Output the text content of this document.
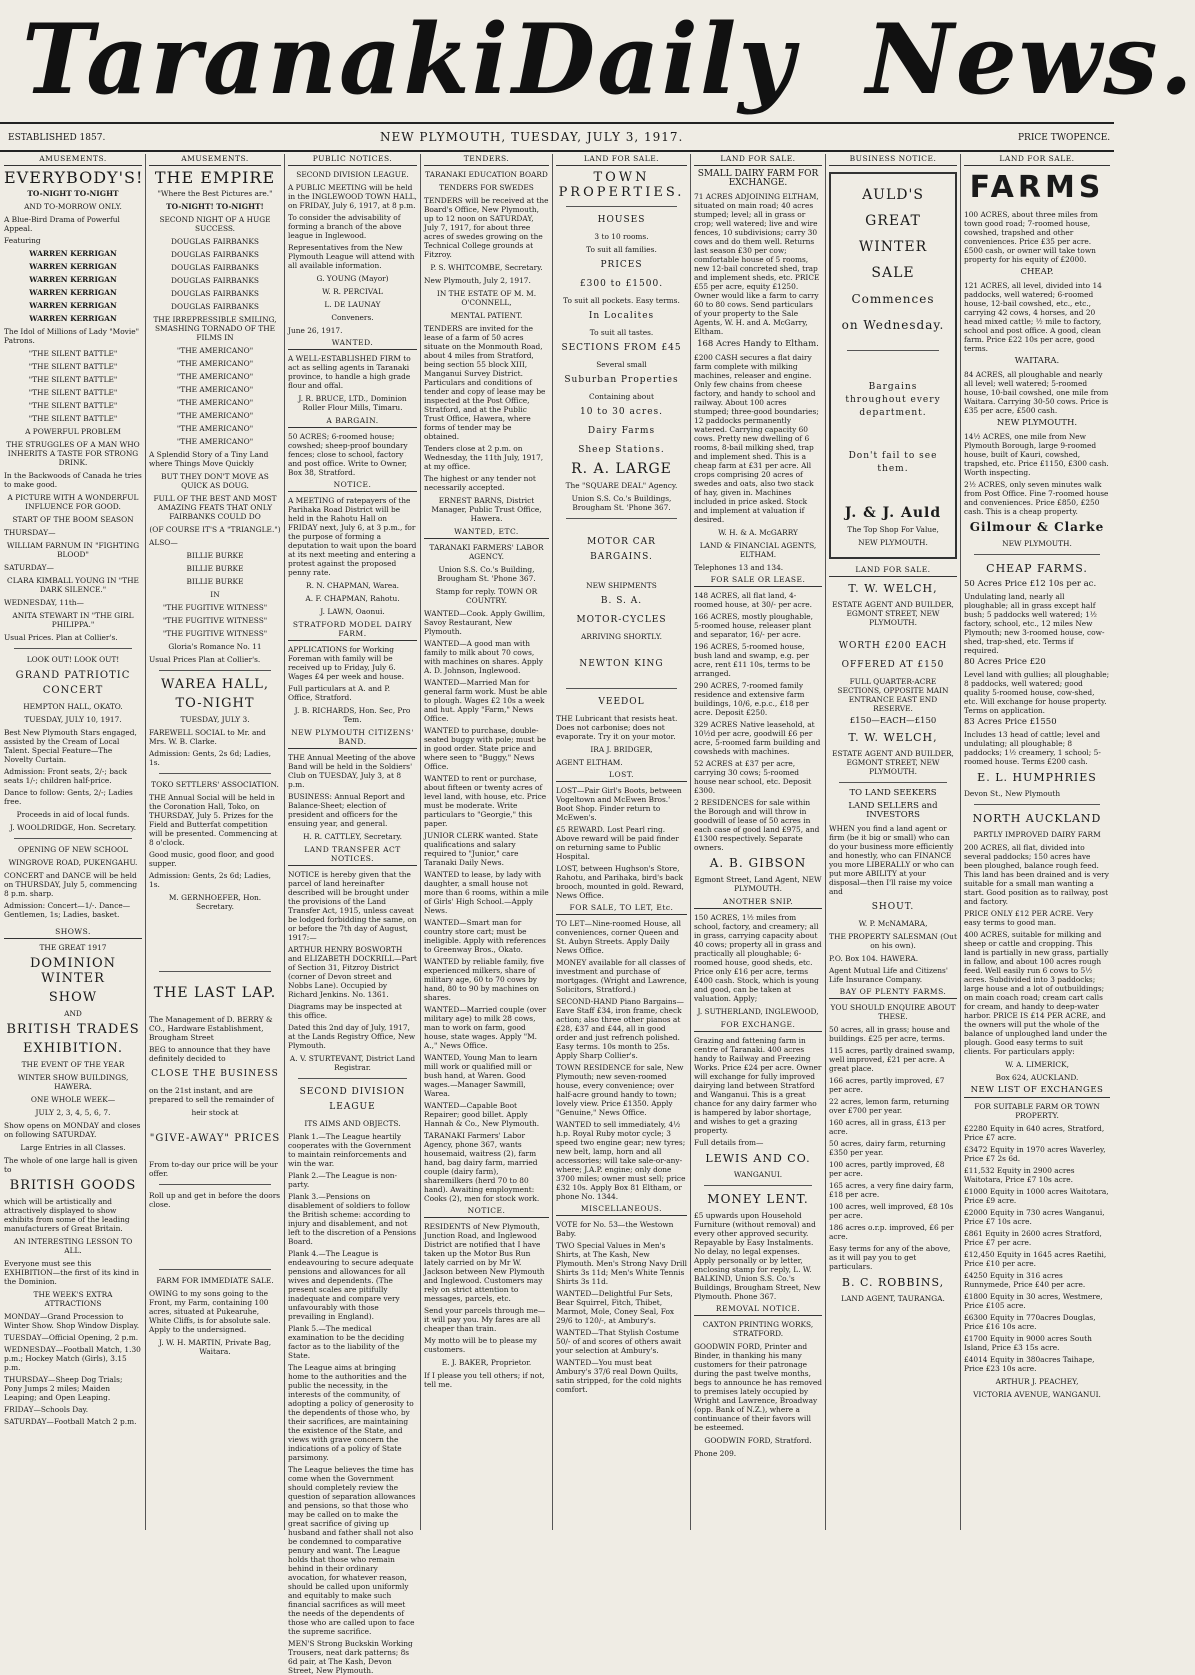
Taranaki Daily News.
ESTABLISHED 1857.	NEW PLYMOUTH, TUESDAY, JULY 3, 1917.	PRICE TWOPENCE.
AMUSEMENTS.
EVERYBODY'S!
TO-NIGHT TO-NIGHT
AND TO-MORROW ONLY.
A Blue-Bird Drama of Powerful Appeal.
Featuring
WARREN KERRIGAN
WARREN KERRIGAN
WARREN KERRIGAN
WARREN KERRIGAN
WARREN KERRIGAN
WARREN KERRIGAN
The Idol of Millions of Lady "Movie" Patrons.
"THE SILENT BATTLE"
"THE SILENT BATTLE"
"THE SILENT BATTLE"
"THE SILENT BATTLE"
"THE SILENT BATTLE"
"THE SILENT BATTLE"
A POWERFUL PROBLEM
THE STRUGGLES OF A MAN WHO INHERITS A TASTE FOR STRONG DRINK.
In the Backwoods of Canada he tries to make good.
A PICTURE WITH A WONDERFUL INFLUENCE FOR GOOD.
START OF THE BOOM SEASON
THURSDAY—
WILLIAM FARNUM IN "FIGHTING BLOOD"
SATURDAY—
CLARA KIMBALL YOUNG IN "THE DARK SILENCE."
WEDNESDAY, 11th—
ANITA STEWART IN "THE GIRL PHILIPPA."
Usual Prices. Plan at Collier's.
LOOK OUT! LOOK OUT!
GRAND PATRIOTIC CONCERT
HEMPTON HALL, OKATO.
TUESDAY, JULY 10, 1917.
Best New Plymouth Stars engaged, assisted by the Cream of Local Talent. Special Feature—The Novelty Curtain.
Admission: Front seats, 2/-; back seats 1/-; children half-price.
Dance to follow: Gents, 2/-; Ladies free.
Proceeds in aid of local funds.
J. WOOLDRIDGE, Hon. Secretary.
OPENING OF NEW SCHOOL
WINGROVE ROAD, PUKENGAHU.
CONCERT and DANCE will be held on THURSDAY, July 5, commencing 8 p.m. sharp.
Admission: Concert—1/-. Dance—Gentlemen, 1s; Ladies, basket.
SHOWS.
THE GREAT 1917
DOMINION WINTER
SHOW
AND
BRITISH TRADES
EXHIBITION.
THE EVENT OF THE YEAR
WINTER SHOW BUILDINGS, HAWERA.
ONE WHOLE WEEK—
JULY 2, 3, 4, 5, 6, 7.
Show opens on MONDAY and closes on following SATURDAY.
Large Entries in all Classes.
The whole of one large hall is given to
BRITISH GOODS
which will be artistically and attractively displayed to show exhibits from some of the leading manufacturers of Great Britain.
AN INTERESTING LESSON TO ALL.
Everyone must see this EXHIBITION—the first of its kind in the Dominion.
THE WEEK'S EXTRA ATTRACTIONS
MONDAY—Grand Procession to Winter Show. Shop Window Display.
TUESDAY—Official Opening, 2 p.m.
WEDNESDAY—Football Match, 1.30 p.m.; Hockey Match (Girls), 3.15 p.m.
THURSDAY—Sheep Dog Trials; Pony Jumps 2 miles; Maiden Leaping; and Open Leaping.
FRIDAY—Schools Day.
SATURDAY—Football Match 2 p.m.
AMUSEMENTS.
THE EMPIRE
"Where the Best Pictures are."
TO-NIGHT! TO-NIGHT!
SECOND NIGHT OF A HUGE SUCCESS.
DOUGLAS FAIRBANKS
DOUGLAS FAIRBANKS
DOUGLAS FAIRBANKS
DOUGLAS FAIRBANKS
DOUGLAS FAIRBANKS
DOUGLAS FAIRBANKS
THE IRREPRESSIBLE SMILING, SMASHING TORNADO OF THE FILMS IN
"THE AMERICANO"
"THE AMERICANO"
"THE AMERICANO"
"THE AMERICANO"
"THE AMERICANO"
"THE AMERICANO"
"THE AMERICANO"
"THE AMERICANO"
A Splendid Story of a Tiny Land where Things Move Quickly
BUT THEY DON'T MOVE AS QUICK AS DOUG.
FULL OF THE BEST AND MOST AMAZING FEATS THAT ONLY FAIRBANKS COULD DO
(OF COURSE IT'S A "TRIANGLE.")
ALSO—
BILLIE BURKE
BILLIE BURKE
BILLIE BURKE
IN
"THE FUGITIVE WITNESS"
"THE FUGITIVE WITNESS"
"THE FUGITIVE WITNESS"
Gloria's Romance No. 11
Usual Prices Plan at Collier's.
WAREA HALL,
TO-NIGHT
TUESDAY, JULY 3.
FAREWELL SOCIAL to Mr. and Mrs. W. B. Clarke.
Admission: Gents, 2s 6d; Ladies, 1s.
TOKO SETTLERS' ASSOCIATION.
THE Annual Social will be held in the Coronation Hall, Toko, on THURSDAY, July 5. Prizes for the Field and Butterfat competition will be presented. Commencing at 8 o'clock.
Good music, good floor, and good supper.
Admission: Gents, 2s 6d; Ladies, 1s.
M. GERNHOEFER, Hon. Secretary.
THE LAST LAP.
The Management of D. BERRY & CO., Hardware Establishment, Brougham Street
BEG to announce that they have definitely decided to
CLOSE THE BUSINESS
on the 21st instant, and are prepared to sell the remainder of
heir stock at
"GIVE-AWAY" PRICES
From to-day our price will be your offer.
Roll up and get in before the doors close.
FARM FOR IMMEDIATE SALE.
OWING to my sons going to the Front, my Farm, containing 100 acres, situated at Pukearuhe, White Cliffs, is for absolute sale. Apply to the undersigned.
J. W. H. MARTIN, Private Bag, Waitara.
PUBLIC NOTICES.
SECOND DIVISION LEAGUE.
A PUBLIC MEETING will be held in the INGLEWOOD TOWN HALL, on FRIDAY, July 6, 1917, at 8 p.m.
To consider the advisability of forming a branch of the above league in Inglewood.
Representatives from the New Plymouth League will attend with all available information.
G. YOUNG (Mayor)
W. R. PERCIVAL
L. DE LAUNAY
Conveners.
June 26, 1917.
WANTED.
A WELL-ESTABLISHED FIRM to act as selling agents in Taranaki province, to handle a high grade flour and offal.
J. R. BRUCE, LTD., Dominion Roller Flour Mills, Timaru.
A BARGAIN.
50 ACRES; 6-roomed house; cowshed; sheep-proof boundary fences; close to school, factory and post office. Write to Owner, Box 38, Stratford.
NOTICE.
A MEETING of ratepayers of the Parihaka Road District will be held in the Rahotu Hall on FRIDAY next, July 6, at 3 p.m., for the purpose of forming a deputation to wait upon the board at its next meeting and entering a protest against the proposed penny rate.
R. N. CHAPMAN, Warea.
A. F. CHAPMAN, Rahotu.
J. LAWN, Oaonui.
STRATFORD MODEL DAIRY FARM.
APPLICATIONS for Working Foreman with family will be received up to Friday, July 6. Wages £4 per week and house.
Full particulars at A. and P. Office, Stratford.
J. B. RICHARDS, Hon. Sec, Pro Tem.
NEW PLYMOUTH CITIZENS' BAND.
THE Annual Meeting of the above Band will be held in the Soldiers' Club on TUESDAY, July 3, at 8 p.m.
BUSINESS: Annual Report and Balance-Sheet; election of president and officers for the ensuing year, and general.
H. R. CATTLEY, Secretary.
LAND TRANSFER ACT NOTICES.
NOTICE is hereby given that the parcel of land hereinafter described will be brought under the provisions of the Land Transfer Act, 1915, unless caveat be lodged forbidding the same, on or before the 7th day of August, 1917:—
ARTHUR HENRY BOSWORTH and ELIZABETH DOCKRILL—Part of Section 31, Fitzroy District (corner of Devon street and Nobbs Lane). Occupied by Richard Jenkins. No. 1361.
Diagrams may be inspected at this office.
Dated this 2nd day of July, 1917, at the Lands Registry Office, New Plymouth.
A. V. STURTEVANT, District Land Registrar.
SECOND DIVISION LEAGUE
ITS AIMS AND OBJECTS.
Plank 1.—The League heartily cooperates with the Government to maintain reinforcements and win the war.
Plank 2.—The League is non-party.
Plank 3.—Pensions on disablement of soldiers to follow the British scheme: according to injury and disablement, and not left to the discretion of a Pensions Board.
Plank 4.—The League is endeavouring to secure adequate pensions and allowances for all wives and dependents. (The present scales are pitifully inadequate and compare very unfavourably with those prevailing in England).
Plank 5.—The medical examination to be the deciding factor as to the liability of the State.
The League aims at bringing home to the authorities and the public the necessity, in the interests of the community, of adopting a policy of generosity to the dependents of those who, by their sacrifices, are maintaining the existence of the State, and views with grave concern the indications of a policy of State parsimony.
The League believes the time has come when the Government should completely review the question of separation allowances and pensions, so that those who may be called on to make the great sacrifice of giving up husband and father shall not also be condemned to comparative penury and want. The League holds that those who remain behind in their ordinary avocation, for whatever reason, should be called upon uniformly and equitably to make such financial sacrifices as will meet the needs of the dependents of those who are called upon to face the supreme sacrifice.
MEN'S Strong Buckskin Working Trousers, neat dark patterns; 8s 6d pair, at The Kash, Devon Street, New Plymouth.
TENDERS.
TARANAKI EDUCATION BOARD
TENDERS FOR SWEDES
TENDERS will be received at the Board's Office, New Plymouth, up to 12 noon on SATURDAY, July 7, 1917, for about three acres of swedes growing on the Technical College grounds at Fitzroy.
P. S. WHITCOMBE, Secretary.
New Plymouth, July 2, 1917.
IN THE ESTATE OF M. M. O'CONNELL,
MENTAL PATIENT.
TENDERS are invited for the lease of a farm of 50 acres situate on the Monmouth Road, about 4 miles from Stratford, being section 55 block XIII, Manganui Survey District. Particulars and conditions of tender and copy of lease may be inspected at the Post Office, Stratford, and at the Public Trust Office, Hawera, where forms of tender may be obtained.
Tenders close at 2 p.m. on Wednesday, the 11th July, 1917, at my office.
The highest or any tender not necessarily accepted.
ERNEST BARNS, District Manager, Public Trust Office, Hawera.
WANTED, ETC.
TARANAKI FARMERS' LABOR AGENCY.
Union S.S. Co.'s Building, Brougham St. 'Phone 367.
Stamp for reply. TOWN OR COUNTRY.
WANTED—Cook. Apply Gwillim, Savoy Restaurant, New Plymouth.
WANTED—A good man with family to milk about 70 cows, with machines on shares. Apply A. D. Johnson, Inglewood.
WANTED—Married Man for general farm work. Must be able to plough. Wages £2 10s a week and hut. Apply "Farm," News Office.
WANTED to purchase, double-seated buggy with pole; must be in good order. State price and where seen to "Buggy," News Office.
WANTED to rent or purchase, about fifteen or twenty acres of level land, with house, etc. Price must be moderate. Write particulars to "Georgie," this paper.
JUNIOR CLERK wanted. State qualifications and salary required to "Junior," care Taranaki Daily News.
WANTED to lease, by lady with daughter, a small house not more than 6 rooms, within a mile of Girls' High School.—Apply News.
WANTED—Smart man for country store cart; must be ineligible. Apply with references to Greenway Bros., Okato.
WANTED by reliable family, five experienced milkers, share of military age, 60 to 70 cows by hand, 80 to 90 by machines on shares.
WANTED—Married couple (over military age) to milk 28 cows, man to work on farm, good house, state wages. Apply "M. A.," News Office.
WANTED, Young Man to learn mill work or qualified mill or bush hand, at Waren. Good wages.—Manager Sawmill, Warea.
WANTED—Capable Boot Repairer; good billet. Apply Hannah & Co., New Plymouth.
TARANAKI Farmers' Labor Agency, phone 367, wants housemaid, waitress (2), farm hand, bag dairy farm, married couple (dairy farm), sharemilkers (herd 70 to 80 hand). Awaiting employment: Cooks (2), men for stock work.
NOTICE.
RESIDENTS of New Plymouth, Junction Road, and Inglewood District are notified that I have taken up the Motor Bus Run lately carried on by Mr W. Jackson between New Plymouth and Inglewood. Customers may rely on strict attention to messages, parcels, etc.
Send your parcels through me—it will pay you. My fares are all cheaper than train.
My motto will be to please my customers.
E. J. BAKER, Proprietor.
If I please you tell others; if not, tell me.
LAND FOR SALE.
TOWN PROPERTIES.
HOUSES
3 to 10 rooms.
To suit all families.
PRICES
£300 to £1500.
To suit all pockets. Easy terms.
In Localites
To suit all tastes.
SECTIONS FROM £45
Several small
Suburban Properties
Containing about
10 to 30 acres.
Dairy Farms
Sheep Stations.
R. A. LARGE
The "SQUARE DEAL" Agency.
Union S.S. Co.'s Buildings, Brougham St. 'Phone 367.
MOTOR CAR BARGAINS.
NEW SHIPMENTS
B. S. A.
MOTOR-CYCLES
ARRIVING SHORTLY.
NEWTON KING
VEEDOL
THE Lubricant that resists heat. Does not carbonise; does not evaporate. Try it on your motor.
IRA J. BRIDGER,
AGENT ELTHAM.
LOST.
LOST—Pair Girl's Boots, between Vogeltown and McEwen Bros.' Boot Shop. Finder return to McEwen's.
£5 REWARD. Lost Pearl ring. Above reward will be paid finder on returning same to Public Hospital.
LOST, between Hughson's Store, Rahotu, and Parihaka, bird's back brooch, mounted in gold. Reward, News Office.
FOR SALE, TO LET, Etc.
TO LET—Nine-roomed House, all conveniences, corner Queen and St. Aubyn Streets. Apply Daily News Office.
MONEY available for all classes of investment and purchase of mortgages. (Wright and Lawrence, Solicitors, Stratford.)
SECOND-HAND Piano Bargains—Eave Staff £34, iron frame, check action; also three other pianos at £28, £37 and £44, all in good order and just refrench polished. Easy terms. 10s month to 25s. Apply Sharp Collier's.
TOWN RESIDENCE for sale, New Plymouth; new seven-roomed house, every convenience; over half-acre ground handy to town; lovely view. Price £1350. Apply "Genuine," News Office.
WANTED to sell immediately, 4½ h.p. Royal Ruby motor cycle; 3 speed two engine gear; new tyres; new belt, lamp, horn and all accessories; will take sale-or-any-where; J.A.P. engine; only done 3700 miles; owner must sell; price £32 10s. Apply Box 81 Eltham, or phone No. 1344.
MISCELLANEOUS.
VOTE for No. 53—the Westown Baby.
TWO Special Values in Men's Shirts, at The Kash, New Plymouth. Men's Strong Navy Drill Shirts 3s 11d; Men's White Tennis Shirts 3s 11d.
WANTED—Delightful Fur Sets, Bear Squirrel, Fitch, Thibet, Marmot, Mole, Coney Seal, Fox 29/6 to 120/-, at Ambury's.
WANTED—That Stylish Costume 50/- of and scores of others await your selection at Ambury's.
WANTED—You must beat Ambury's 37/6 real Down Quilts, satin stripped, for the cold nights comfort.
LAND FOR SALE.
SMALL DAIRY FARM FOR EXCHANGE.
71 ACRES ADJOINING ELTHAM, situated on main road; 40 acres stumped; level; all in grass or crop; well watered; live and wire fences, 10 subdivisions; carry 30 cows and do them well. Returns last season £30 per cow; comfortable house of 5 rooms, new 12-bail concreted shed, trap and implement sheds, etc. PRICE £55 per acre, equity £1250. Owner would like a farm to carry 60 to 80 cows. Send particulars of your property to the Sale Agents, W. H. and A. McGarry, Eltham.
168 Acres Handy to Eltham.
£200 CASH secures a flat dairy farm complete with milking machines, releaser and engine. Only few chains from cheese factory, and handy to school and railway. About 100 acres stumped; three-good boundaries; 12 paddocks permanently watered. Carrying capacity 60 cows. Pretty new dwelling of 6 rooms, 8-bail milking shed, trap and implement shed. This is a cheap farm at £31 per acre. All crops comprising 20 acres of swedes and oats, also two stack of hay, given in. Machines included in price asked. Stock and implement at valuation if desired.
W. H. & A. McGARRY
LAND & FINANCIAL AGENTS, ELTHAM.
Telephones 13 and 134.
FOR SALE OR LEASE.
148 ACRES, all flat land, 4-roomed house, at 30/- per acre.
166 ACRES, mostly ploughable, 5-roomed house, releaser plant and separator, 16/- per acre.
196 ACRES, 5-roomed house, bush land and swamp, e.g. per acre, rent £11 10s, terms to be arranged.
290 ACRES, 7-roomed family residence and extensive farm buildings, 10/6, e.p.c., £18 per acre. Deposit £250.
329 ACRES Native leasehold, at 10½d per acre, goodwill £6 per acre, 5-roomed farm building and cowsheds with machines.
52 ACRES at £37 per acre, carrying 30 cows; 5-roomed house near school, etc. Deposit £300.
2 RESIDENCES for sale within the Borough and will throw in goodwill of lease of 50 acres in each case of good land £975, and £1300 respectively. Separate owners.
A. B. GIBSON
Egmont Street, Land Agent, NEW PLYMOUTH.
ANOTHER SNIP.
150 ACRES, 1½ miles from school, factory, and creamery; all in grass, carrying capacity about 40 cows; property all in grass and practically all ploughable; 6-roomed house, good sheds, etc. Price only £16 per acre, terms £400 cash. Stock, which is young and good, can be taken at valuation. Apply;
J. SUTHERLAND, INGLEWOOD,
FOR EXCHANGE.
Grazing and fattening farm in centre of Taranaki. 400 acres handy to Railway and Freezing Works. Price £24 per acre. Owner will exchange for fully improved dairying land between Stratford and Wanganui. This is a great chance for any dairy farmer who is hampered by labor shortage, and wishes to get a grazing property.
Full details from—
LEWIS AND CO.
WANGANUI.
MONEY LENT.
£5 upwards upon Household Furniture (without removal) and every other approved security. Repayable by Easy Instalments. No delay, no legal expenses. Apply personally or by letter, enclosing stamp for reply, L. W. BALKIND, Union S.S. Co.'s Buildings, Brougham Street, New Plymouth. Phone 367.
REMOVAL NOTICE.
CAXTON PRINTING WORKS, STRATFORD.
GOODWIN FORD, Printer and Binder, in thanking his many customers for their patronage during the past twelve months, begs to announce he has removed to premises lately occupied by Wright and Lawrence, Broadway (opp. Bank of N.Z.), where a continuance of their favors will be esteemed.
GOODWIN FORD, Stratford.
Phone 209.
BUSINESS NOTICE.
AULD'S
GREAT
WINTER
SALE
Commences
on Wednesday.
Bargains throughout every department.
Don't fail to see them.
J. & J. Auld
The Top Shop For Value,
NEW PLYMOUTH.
LAND FOR SALE.
T. W. WELCH,
ESTATE AGENT AND BUILDER, EGMONT STREET, NEW PLYMOUTH.
WORTH £200 EACH
OFFERED AT £150
FULL QUARTER-ACRE SECTIONS, OPPOSITE MAIN ENTRANCE EAST END RESERVE.
£150—EACH—£150
T. W. WELCH,
ESTATE AGENT AND BUILDER, EGMONT STREET, NEW PLYMOUTH.
TO LAND SEEKERS
LAND SELLERS and INVESTORS
WHEN you find a land agent or firm (be it big or small) who can do your business more efficiently and honestly, who can FINANCE you more LIBERALLY or who can put more ABILITY at your disposal—then I'll raise my voice and
SHOUT.
W. P. McNAMARA,
THE PROPERTY SALESMAN (Out on his own).
P.O. Box 104. HAWERA.
Agent Mutual Life and Citizens' Life Insurance Company.
BAY OF PLENTY FARMS.
YOU SHOULD ENQUIRE ABOUT THESE.
50 acres, all in grass; house and buildings. £25 per acre, terms.
115 acres, partly drained swamp, well improved, £21 per acre. A great place.
166 acres, partly improved, £7 per acre.
22 acres, lemon farm, returning over £700 per year.
160 acres, all in grass, £13 per acre.
50 acres, dairy farm, returning £350 per year.
100 acres, partly improved, £8 per acre.
165 acres, a very fine dairy farm, £18 per acre.
100 acres, well improved, £8 10s per acre.
186 acres o.r.p. improved, £6 per acre.
Easy terms for any of the above, as it will pay you to get particulars.
B. C. ROBBINS,
LAND AGENT, TAURANGA.
LAND FOR SALE.
FARMS
100 ACRES, about three miles from town good road; 7-roomed house, cowshed, trapshed and other conveniences. Price £35 per acre. £500 cash, or owner will take town property for his equity of £2000.
CHEAP.
121 ACRES, all level, divided into 14 paddocks, well watered; 6-roomed house, 12-bail cowshed, etc., etc., carrying 42 cows, 4 horses, and 20 head mixed cattle; ½ mile to factory, school and post office. A good, clean farm. Price £22 10s per acre, good terms.
WAITARA.
84 ACRES, all ploughable and nearly all level; well watered; 5-roomed house, 10-bail cowshed, one mile from Waitara. Carrying 30-50 cows. Price is £35 per acre, £500 cash.
NEW PLYMOUTH.
14½ ACRES, one mile from New Plymouth Borough, large 9-roomed house, built of Kauri, cowshed, trapshed, etc. Price £1150, £300 cash. Worth inspecting.
2½ ACRES, only seven minutes walk from Post Office. Fine 7-roomed house and conveniences. Price £850, £250 cash. This is a cheap property.
Gilmour & Clarke
NEW PLYMOUTH.
CHEAP FARMS.
50 Acres Price £12 10s per ac.
Undulating land, nearly all ploughable; all in grass except half bush; 5 paddocks well watered; 1½ factory, school, etc., 12 miles New Plymouth; new 3-roomed house, cow-shed, trap-shed, etc. Terms if required.
80 Acres Price £20
Level land with gullies; all ploughable; 8 paddocks, well watered; good quality 5-roomed house, cow-shed, etc. Will exchange for house property. Terms on application.
83 Acres Price £1550
Includes 13 head of cattle; level and undulating; all ploughable; 8 paddocks; 1½ creamery, 1 school; 5-roomed house. Terms £200 cash.
E. L. HUMPHRIES
Devon St., New Plymouth
NORTH AUCKLAND
PARTLY IMPROVED DAIRY FARM
200 ACRES, all flat, divided into several paddocks; 150 acres have been ploughed, balance rough feed. This land has been drained and is very suitable for a small man wanting a start. Good position as to railway, post and factory.
PRICE ONLY £12 PER ACRE. Very easy terms to good man.
400 ACRES, suitable for milking and sheep or cattle and cropping. This land is partially in new grass, partially in fallow, and about 100 acres rough feed. Well easily run 6 cows to 5½ acres. Subdivided into 3 paddocks; large house and a lot of outbuildings; on main coach road; cream cart calls for cream, and handy to deep-water harbor. PRICE IS £14 PER ACRE, and the owners will put the whole of the balance of unploughed land under the plough. Good easy terms to suit clients. For particulars apply:
W. A. LIMERICK,
Box 624, AUCKLAND.
NEW LIST OF EXCHANGES
FOR SUITABLE FARM OR TOWN PROPERTY.
£2280 Equity in 640 acres, Stratford, Price £7 acre.
£3472 Equity in 1970 acres Waverley, Price £7 2s 6d.
£11,532 Equity in 2900 acres Waitotara, Price £7 10s acre.
£1000 Equity in 1000 acres Waitotara, Price £9 acre.
£2000 Equity in 730 acres Wanganui, Price £7 10s acre.
£861 Equity in 2600 acres Stratford, Price £7 per acre.
£12,450 Equity in 1645 acres Raetihi, Price £10 per acre.
£4250 Equity in 316 acres Runnymede, Price £40 per acre.
£1800 Equity in 30 acres, Westmere, Price £105 acre.
£6300 Equity in 770acres Douglas, Price £16 10s acre.
£1700 Equity in 9000 acres South Island, Price £3 15s acre.
£4014 Equity in 380acres Taihape, Price £23 10s acre.
ARTHUR J. PEACHEY,
VICTORIA AVENUE, WANGANUI.
